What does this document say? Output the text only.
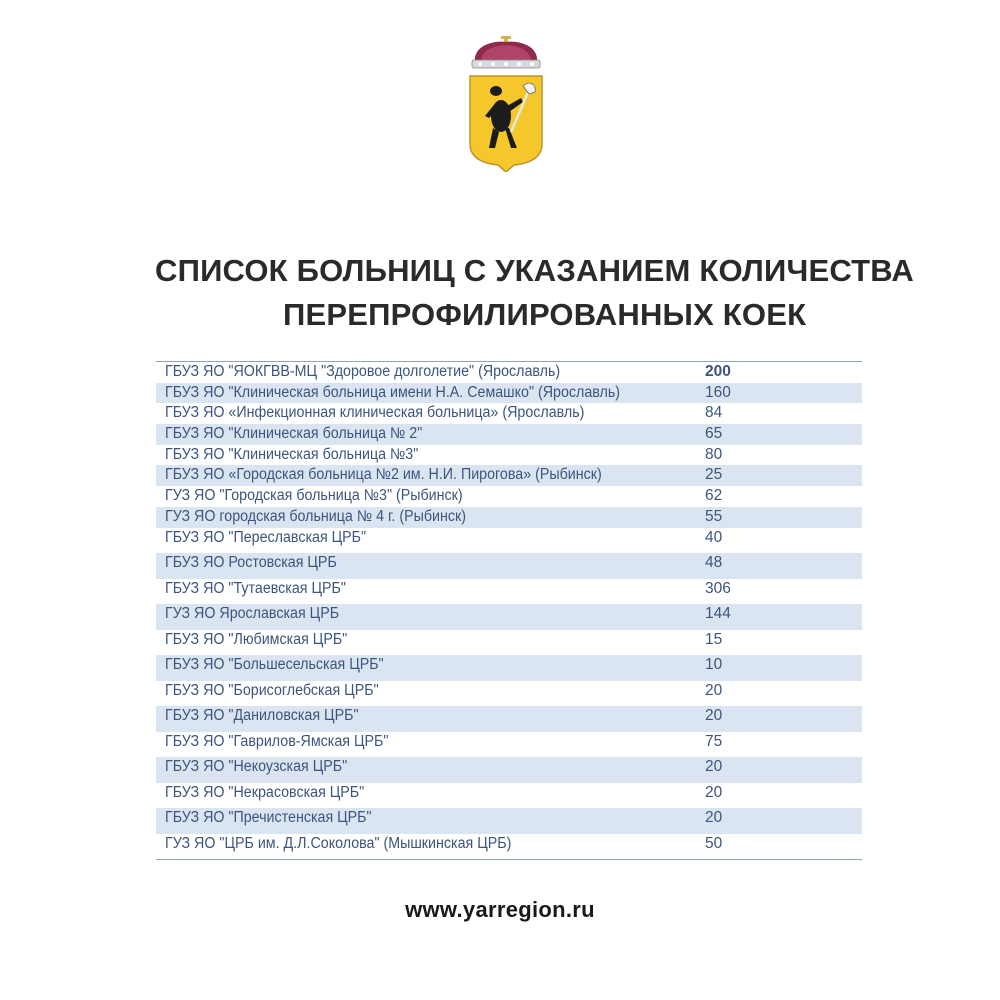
СПИСОК БОЛЬНИЦ С УКАЗАНИЕМ КОЛИЧЕСТВА
ПЕРЕПРОФИЛИРОВАННЫХ КОЕК
ГБУЗ ЯО "ЯОКГВВ-МЦ "Здоровое долголетие" (Ярославль)	200
ГБУЗ ЯО "Клиническая больница имени Н.А. Семашко" (Ярославль)	160
ГБУЗ ЯО «Инфекционная клиническая больница» (Ярославль)	84
ГБУЗ ЯО "Клиническая больница № 2"	65
ГБУЗ ЯО "Клиническая больница №3"	80
ГБУЗ ЯО «Городская больница №2 им. Н.И. Пирогова» (Рыбинск)	25
ГУЗ ЯО "Городская больница №3" (Рыбинск)	62
ГУЗ ЯО городская больница № 4 г. (Рыбинск)	55
ГБУЗ ЯО "Переславская ЦРБ"	40
ГБУЗ ЯО Ростовская ЦРБ	48
ГБУЗ ЯО "Тутаевская ЦРБ"	306
ГУЗ ЯО Ярославская ЦРБ	144
ГБУЗ ЯО "Любимская ЦРБ"	15
ГБУЗ ЯО "Большесельская ЦРБ"	10
ГБУЗ ЯО "Борисоглебская ЦРБ"	20
ГБУЗ ЯО "Даниловская ЦРБ"	20
ГБУЗ ЯО "Гаврилов-Ямская ЦРБ"	75
ГБУЗ ЯО "Некоузская ЦРБ"	20
ГБУЗ ЯО "Некрасовская ЦРБ"	20
ГБУЗ ЯО "Пречистенская ЦРБ"	20
ГУЗ ЯО "ЦРБ им. Д.Л.Соколова" (Мышкинская ЦРБ)	50
www.yarregion.ru
